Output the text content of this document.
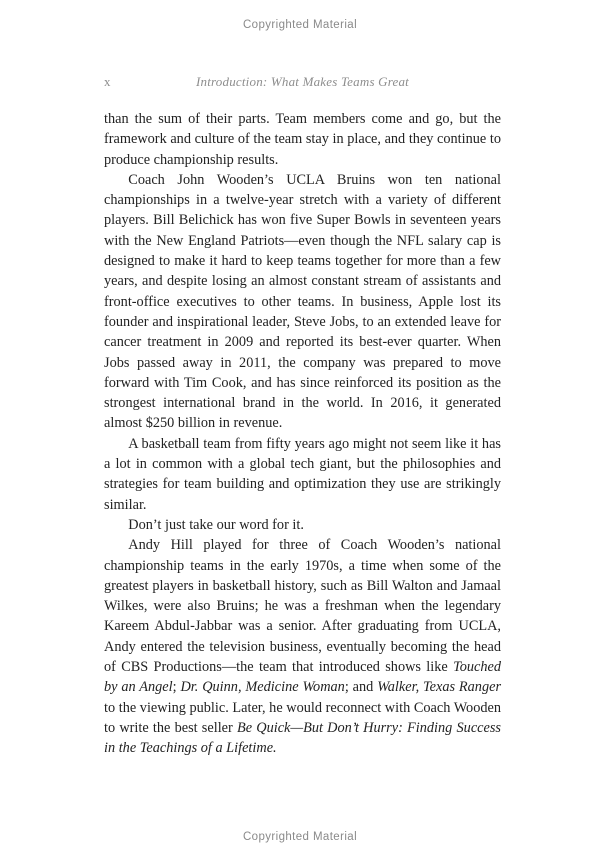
Copyrighted Material
x	Introduction: What Makes Teams Great

than the sum of their parts. Team members come and go, but the framework and culture of the team stay in place, and they continue to produce championship results.

Coach John Wooden’s UCLA Bruins won ten national championships in a twelve-year stretch with a variety of different players. Bill Belichick has won five Super Bowls in seventeen years with the New England Patriots—even though the NFL salary cap is designed to make it hard to keep teams together for more than a few years, and despite losing an almost constant stream of assistants and front-office executives to other teams. In business, Apple lost its founder and inspirational leader, Steve Jobs, to an extended leave for cancer treatment in 2009 and reported its best-ever quarter. When Jobs passed away in 2011, the company was prepared to move forward with Tim Cook, and has since reinforced its position as the strongest international brand in the world. In 2016, it generated almost $250 billion in revenue.

A basketball team from fifty years ago might not seem like it has a lot in common with a global tech giant, but the philosophies and strategies for team building and optimization they use are strikingly similar.

Don’t just take our word for it.

Andy Hill played for three of Coach Wooden’s national championship teams in the early 1970s, a time when some of the greatest players in basketball history, such as Bill Walton and Jamaal Wilkes, were also Bruins; he was a freshman when the legendary Kareem Abdul-Jabbar was a senior. After graduating from UCLA, Andy entered the television business, eventually becoming the head of CBS Productions—the team that introduced shows like Touched by an Angel; Dr. Quinn, Medicine Woman; and Walker, Texas Ranger to the viewing public. Later, he would reconnect with Coach Wooden to write the best seller Be Quick—But Don’t Hurry: Finding Success in the Teachings of a Lifetime.

Copyrighted Material
